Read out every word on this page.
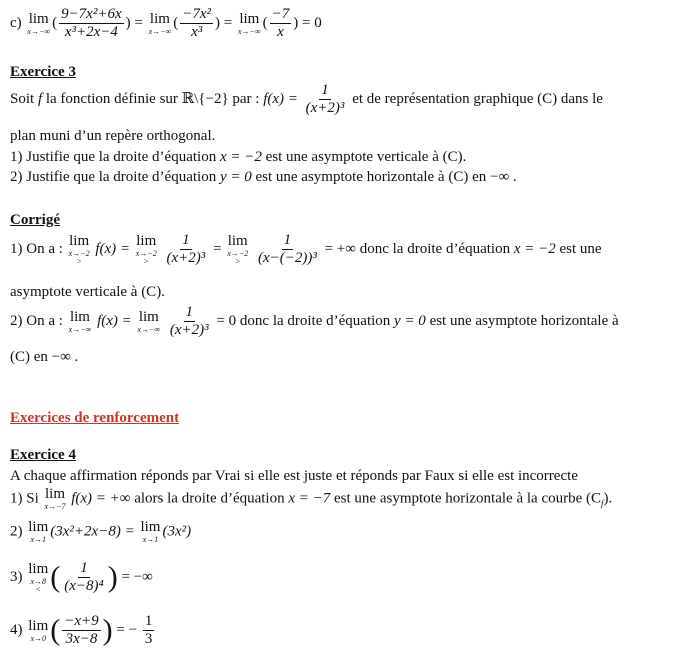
c) lim
x→−∞
( $\frac{\text{9−7x²+6x}}{\text{x³+2x−4}}$ ) = lim
x→−∞
( $\frac{\text{−7x²}}{\text{x³}}$ ) = lim
x→−∞
( $\frac{-7}{x}$ ) = 0
Exercice 3
Soit f la fonction définie sur ℝ\{−2} par : $f(x) = \frac{1}{\text{(x+2)³}}$ et de représentation graphique (C) dans le
plan muni d’un repère orthogonal.
1) Justifie que la droite d’équation x = −2 est une asymptote verticale à (C).
2) Justifie que la droite d’équation y = 0 est une asymptote horizontale à (C) en −∞ .
Corrigé
1) On a : lim
x→−2
>
f(x) = lim
x→−2
>
$\frac{1}{\text{(x+2)³}} = \lim$
x→−2
>
$\frac{1}{\text{(x−(−2))³}}$ = +∞ donc la droite d’équation x = −2 est une
asymptote verticale à (C).
2) On a : lim
x→−∞
f(x) = lim
x→−∞
$\frac{1}{\text{(x+2)³}} = 0$ donc la droite d’équation y = 0 est une asymptote horizontale à
(C) en −∞ .
Exercices de renforcement
Exercice 4
A chaque affirmation réponds par Vrai si elle est juste et réponds par Faux si elle est incorrecte
1) Si lim
x→−7
f(x) = +∞ alors la droite d’équation x = −7 est une asymptote horizontale à la courbe $(C_f)$.
2) lim
x→1
(3x²+2x−8) = lim
x→1
(3x²)
3) lim
x→8
< ( $\frac{1}{\text{(x−8)⁴}}$ ) = −∞
4) lim
x→0 ( $\frac{-x+9}{3x-8}$ ) = − $\frac{1}{3}$
